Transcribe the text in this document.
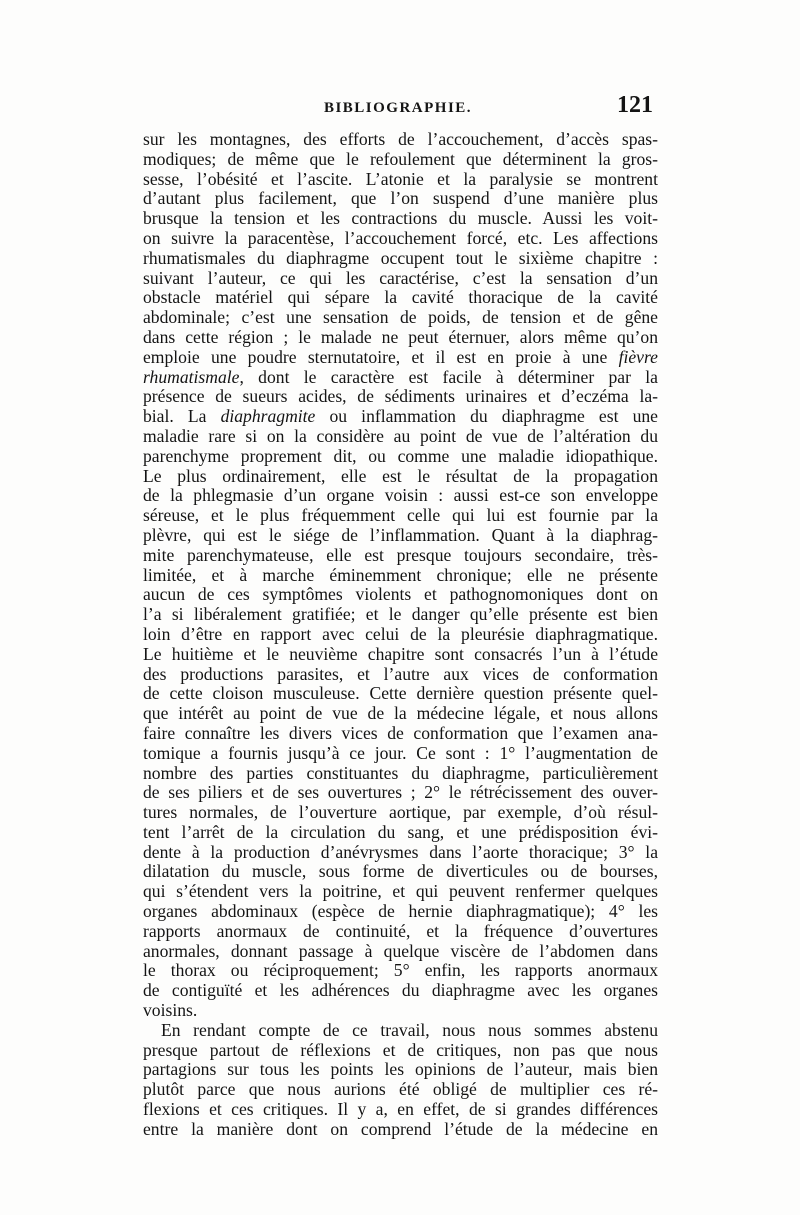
BIBLIOGRAPHIE.	121
sur les montagnes, des efforts de l’accouchement, d’accès spas-
modiques; de même que le refoulement que déterminent la gros-
sesse, l’obésité et l’ascite. L’atonie et la paralysie se montrent
d’autant plus facilement, que l’on suspend d’une manière plus
brusque la tension et les contractions du muscle. Aussi les voit-
on suivre la paracentèse, l’accouchement forcé, etc. Les affections
rhumatismales du diaphragme occupent tout le sixième chapitre :
suivant l’auteur, ce qui les caractérise, c’est la sensation d’un
obstacle matériel qui sépare la cavité thoracique de la cavité
abdominale; c’est une sensation de poids, de tension et de gêne
dans cette région ; le malade ne peut éternuer, alors même qu’on
emploie une poudre sternutatoire, et il est en proie à une fièvre
rhumatismale, dont le caractère est facile à déterminer par la
présence de sueurs acides, de sédiments urinaires et d’eczéma la-
bial. La diaphragmite ou inflammation du diaphragme est une
maladie rare si on la considère au point de vue de l’altération du
parenchyme proprement dit, ou comme une maladie idiopathique.
Le plus ordinairement, elle est le résultat de la propagation
de la phlegmasie d’un organe voisin : aussi est-ce son enveloppe
séreuse, et le plus fréquemment celle qui lui est fournie par la
plèvre, qui est le siége de l’inflammation. Quant à la diaphrag-
mite parenchymateuse, elle est presque toujours secondaire, très-
limitée, et à marche éminemment chronique; elle ne présente
aucun de ces symptômes violents et pathognomoniques dont on
l’a si libéralement gratifiée; et le danger qu’elle présente est bien
loin d’être en rapport avec celui de la pleurésie diaphragmatique.
Le huitième et le neuvième chapitre sont consacrés l’un à l’étude
des productions parasites, et l’autre aux vices de conformation
de cette cloison musculeuse. Cette dernière question présente quel-
que intérêt au point de vue de la médecine légale, et nous allons
faire connaître les divers vices de conformation que l’examen ana-
tomique a fournis jusqu’à ce jour. Ce sont : 1° l’augmentation de
nombre des parties constituantes du diaphragme, particulièrement
de ses piliers et de ses ouvertures ; 2° le rétrécissement des ouver-
tures normales, de l’ouverture aortique, par exemple, d’où résul-
tent l’arrêt de la circulation du sang, et une prédisposition évi-
dente à la production d’anévrysmes dans l’aorte thoracique; 3° la
dilatation du muscle, sous forme de diverticules ou de bourses,
qui s’étendent vers la poitrine, et qui peuvent renfermer quelques
organes abdominaux (espèce de hernie diaphragmatique); 4° les
rapports anormaux de continuité, et la fréquence d’ouvertures
anormales, donnant passage à quelque viscère de l’abdomen dans
le thorax ou réciproquement; 5° enfin, les rapports anormaux
de contiguïté et les adhérences du diaphragme avec les organes
voisins.
En rendant compte de ce travail, nous nous sommes abstenu
presque partout de réflexions et de critiques, non pas que nous
partagions sur tous les points les opinions de l’auteur, mais bien
plutôt parce que nous aurions été obligé de multiplier ces ré-
flexions et ces critiques. Il y a, en effet, de si grandes différences
entre la manière dont on comprend l’étude de la médecine en
